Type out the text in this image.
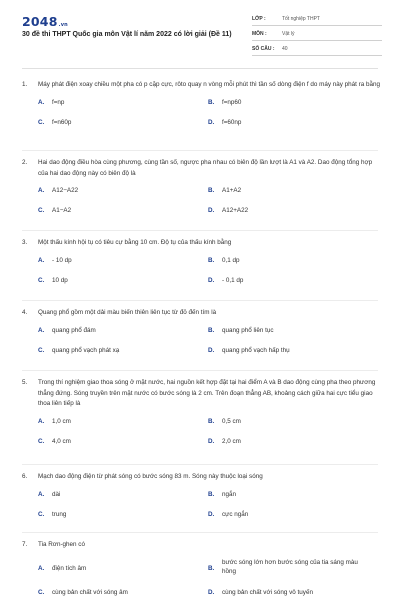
2048.vn
30 đề thi THPT Quốc gia môn Vật lí năm 2022 có lời giải (Đề 11)
LỚP :	Tốt nghiệp THPT
MÔN :	Vật lý
SỐ CÂU :	40
1.	Máy phát điện xoay chiều một pha có p cặp cực, rôto quay n vòng mỗi phút thì tần số dòng điện f do máy này phát ra bằng
A.	f=np	B.	f=np60
C.	f=n60p	D.	f=60np
2.	Hai dao động điều hòa cùng phương, cùng tần số, ngược pha nhau có biên độ lần lượt là A1 và A2. Dao động tổng hợp của hai dao động này có biên độ là
A.	A12−A22	B.	A1+A2
C.	A1−A2	D.	A12+A22
3.	Một thấu kính hội tụ có tiêu cự bằng 10 cm. Độ tụ của thấu kính bằng
A.	- 10 dp	B.	0,1 dp
C.	10 dp	D.	- 0,1 dp
4.	Quang phổ gồm một dải màu biến thiên liên tục từ đỏ đến tím là
A.	quang phổ đám	B.	quang phổ liên tục
C.	quang phổ vạch phát xạ	D.	quang phổ vạch hấp thụ
5.	Trong thí nghiệm giao thoa sóng ở mặt nước, hai nguồn kết hợp đặt tại hai điểm A và B dao động cùng pha theo phương thẳng đứng. Sóng truyền trên mặt nước có bước sóng là 2 cm. Trên đoạn thẳng AB, khoảng cách giữa hai cực tiểu giao thoa liên tiếp là
A.	1,0 cm	B.	0,5 cm
C.	4,0 cm	D.	2,0 cm
6.	Mạch dao động điện từ phát sóng có bước sóng 83 m. Sóng này thuộc loại sóng
A.	dài	B.	ngắn
C.	trung	D.	cực ngắn
7.	Tia Rơn-ghen có
A.	điện tích âm	B.
bước sóng lớn hơn bước sóng của tia sáng màu hồng
C.	cùng bản chất với sóng âm	D.	cùng bản chất với sóng vô tuyến
